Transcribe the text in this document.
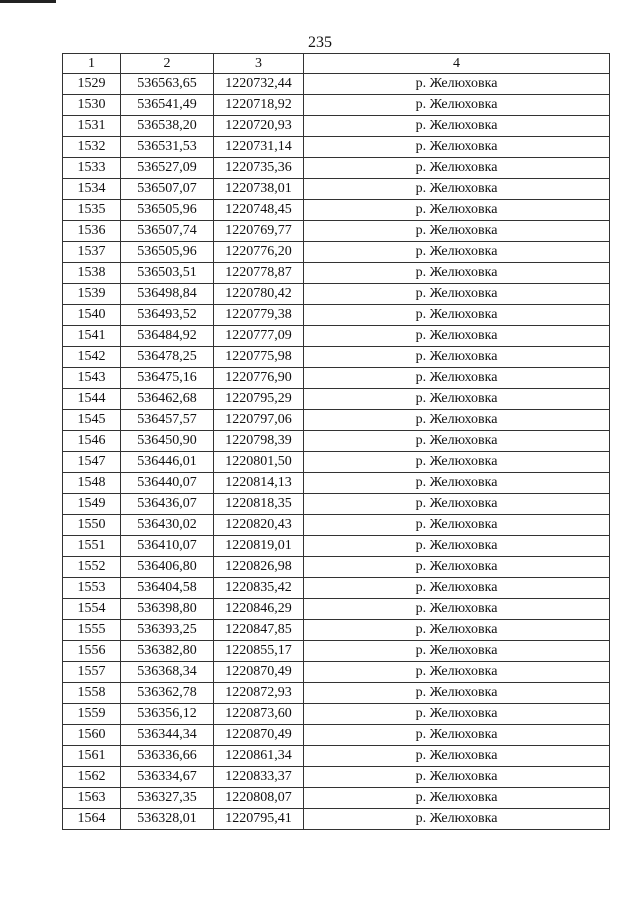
235
1	2	3	4
1529	536563,65	1220732,44	р. Желюховка
1530	536541,49	1220718,92	р. Желюховка
1531	536538,20	1220720,93	р. Желюховка
1532	536531,53	1220731,14	р. Желюховка
1533	536527,09	1220735,36	р. Желюховка
1534	536507,07	1220738,01	р. Желюховка
1535	536505,96	1220748,45	р. Желюховка
1536	536507,74	1220769,77	р. Желюховка
1537	536505,96	1220776,20	р. Желюховка
1538	536503,51	1220778,87	р. Желюховка
1539	536498,84	1220780,42	р. Желюховка
1540	536493,52	1220779,38	р. Желюховка
1541	536484,92	1220777,09	р. Желюховка
1542	536478,25	1220775,98	р. Желюховка
1543	536475,16	1220776,90	р. Желюховка
1544	536462,68	1220795,29	р. Желюховка
1545	536457,57	1220797,06	р. Желюховка
1546	536450,90	1220798,39	р. Желюховка
1547	536446,01	1220801,50	р. Желюховка
1548	536440,07	1220814,13	р. Желюховка
1549	536436,07	1220818,35	р. Желюховка
1550	536430,02	1220820,43	р. Желюховка
1551	536410,07	1220819,01	р. Желюховка
1552	536406,80	1220826,98	р. Желюховка
1553	536404,58	1220835,42	р. Желюховка
1554	536398,80	1220846,29	р. Желюховка
1555	536393,25	1220847,85	р. Желюховка
1556	536382,80	1220855,17	р. Желюховка
1557	536368,34	1220870,49	р. Желюховка
1558	536362,78	1220872,93	р. Желюховка
1559	536356,12	1220873,60	р. Желюховка
1560	536344,34	1220870,49	р. Желюховка
1561	536336,66	1220861,34	р. Желюховка
1562	536334,67	1220833,37	р. Желюховка
1563	536327,35	1220808,07	р. Желюховка
1564	536328,01	1220795,41	р. Желюховка
